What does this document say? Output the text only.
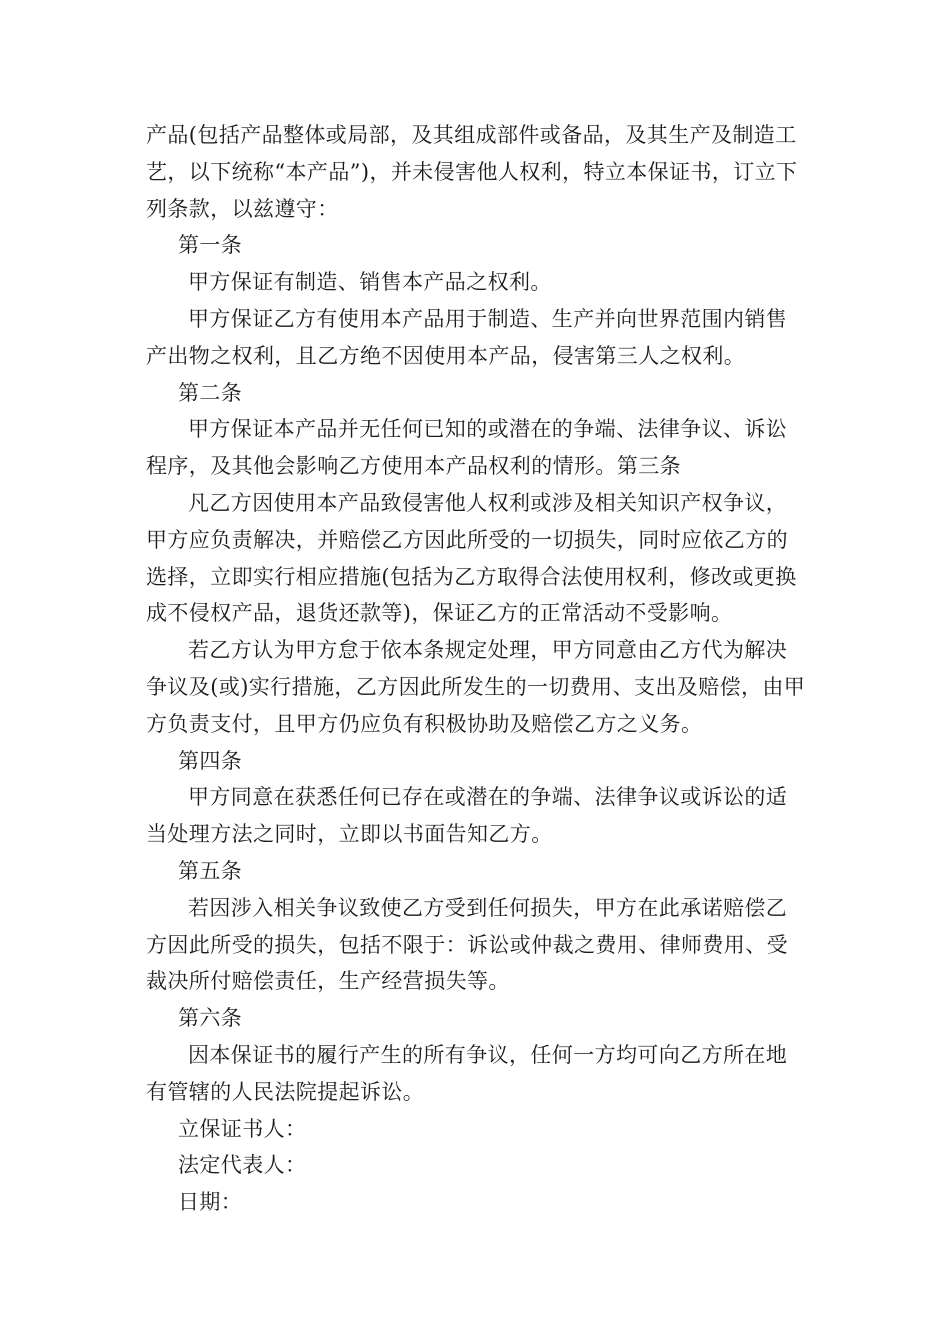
产品(包括产品整体或局部，及其组成部件或备品，及其生产及制造工艺，以下统称“本产品”)，并未侵害他人权利，特立本保证书，订立下列条款，以兹遵守：

第一条

甲方保证有制造、销售本产品之权利。

甲方保证乙方有使用本产品用于制造、生产并向世界范围内销售产出物之权利，且乙方绝不因使用本产品，侵害第三人之权利。

第二条

甲方保证本产品并无任何已知的或潜在的争端、法律争议、诉讼程序，及其他会影响乙方使用本产品权利的情形。第三条

凡乙方因使用本产品致侵害他人权利或涉及相关知识产权争议，甲方应负责解决，并赔偿乙方因此所受的一切损失，同时应依乙方的选择，立即实行相应措施(包括为乙方取得合法使用权利，修改或更换成不侵权产品，退货还款等)，保证乙方的正常活动不受影响。

若乙方认为甲方怠于依本条规定处理，甲方同意由乙方代为解决争议及(或)实行措施，乙方因此所发生的一切费用、支出及赔偿，由甲方负责支付，且甲方仍应负有积极协助及赔偿乙方之义务。

第四条

甲方同意在获悉任何已存在或潜在的争端、法律争议或诉讼的适当处理方法之同时，立即以书面告知乙方。

第五条

若因涉入相关争议致使乙方受到任何损失，甲方在此承诺赔偿乙方因此所受的损失，包括不限于：诉讼或仲裁之费用、律师费用、受裁决所付赔偿责任，生产经营损失等。

第六条

因本保证书的履行产生的所有争议，任何一方均可向乙方所在地有管辖的人民法院提起诉讼。

立保证书人：

法定代表人：

日期：
